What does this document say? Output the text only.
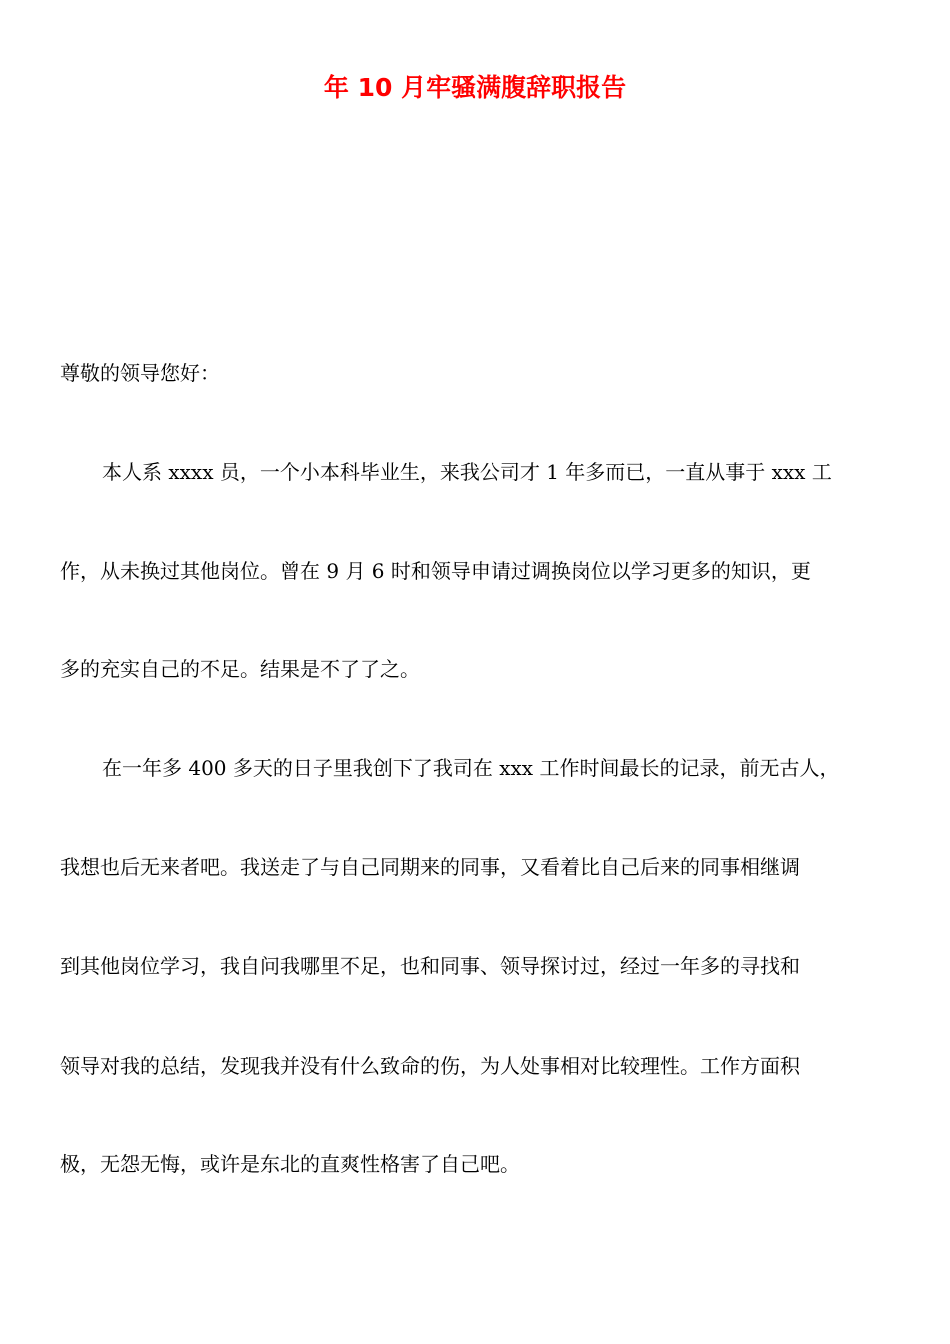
年 10 月牢骚满腹辞职报告

尊敬的领导您好：

本人系 xxxx 员，一个小本科毕业生，来我公司才 1 年多而已，一直从事于 xxx 工

作，从未换过其他岗位。曾在 9 月 6 时和领导申请过调换岗位以学习更多的知识，更

多的充实自己的不足。结果是不了了之。

在一年多 400 多天的日子里我创下了我司在 xxx 工作时间最长的记录，前无古人，

我想也后无来者吧。我送走了与自己同期来的同事，又看着比自己后来的同事相继调

到其他岗位学习，我自问我哪里不足，也和同事、领导探讨过，经过一年多的寻找和

领导对我的总结，发现我并没有什么致命的伤，为人处事相对比较理性。工作方面积

极，无怨无悔，或许是东北的直爽性格害了自己吧。
